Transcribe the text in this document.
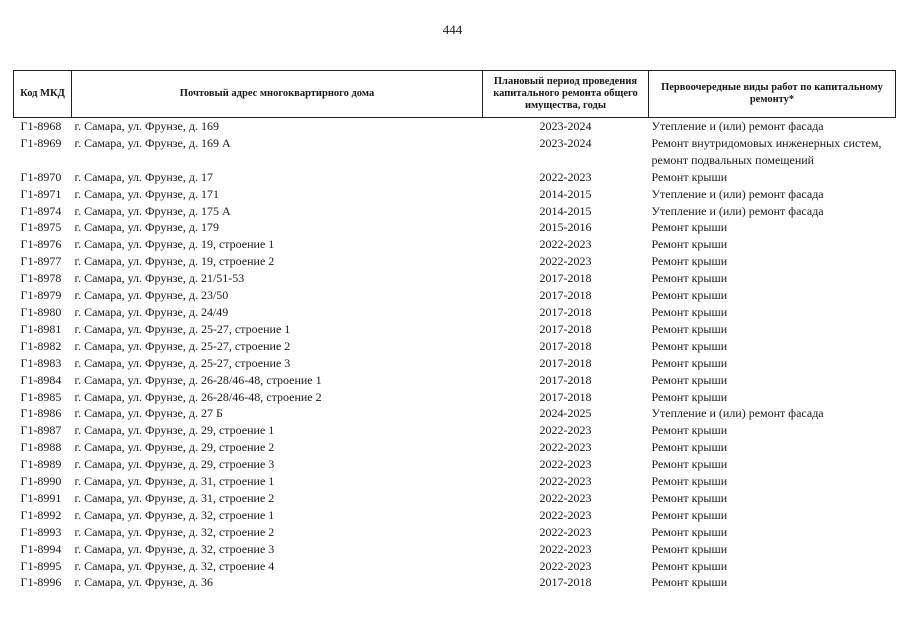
444
Код МКД	Почтовый адрес многоквартирного дома	Плановый период проведения капитального ремонта общего имущества, годы	Первоочередные виды работ по капитальному ремонту*
Г1-8968	г. Самара, ул. Фрунзе, д. 169	2023-2024	Утепление и (или) ремонт фасада
Г1-8969	г. Самара, ул. Фрунзе, д. 169 А	2023-2024	Ремонт внутридомовых инженерных систем, ремонт подвальных помещений
Г1-8970	г. Самара, ул. Фрунзе, д. 17	2022-2023	Ремонт крыши
Г1-8971	г. Самара, ул. Фрунзе, д. 171	2014-2015	Утепление и (или) ремонт фасада
Г1-8974	г. Самара, ул. Фрунзе, д. 175 А	2014-2015	Утепление и (или) ремонт фасада
Г1-8975	г. Самара, ул. Фрунзе, д. 179	2015-2016	Ремонт крыши
Г1-8976	г. Самара, ул. Фрунзе, д. 19, строение 1	2022-2023	Ремонт крыши
Г1-8977	г. Самара, ул. Фрунзе, д. 19, строение 2	2022-2023	Ремонт крыши
Г1-8978	г. Самара, ул. Фрунзе, д. 21/51-53	2017-2018	Ремонт крыши
Г1-8979	г. Самара, ул. Фрунзе, д. 23/50	2017-2018	Ремонт крыши
Г1-8980	г. Самара, ул. Фрунзе, д. 24/49	2017-2018	Ремонт крыши
Г1-8981	г. Самара, ул. Фрунзе, д. 25-27, строение 1	2017-2018	Ремонт крыши
Г1-8982	г. Самара, ул. Фрунзе, д. 25-27, строение 2	2017-2018	Ремонт крыши
Г1-8983	г. Самара, ул. Фрунзе, д. 25-27, строение 3	2017-2018	Ремонт крыши
Г1-8984	г. Самара, ул. Фрунзе, д. 26-28/46-48, строение 1	2017-2018	Ремонт крыши
Г1-8985	г. Самара, ул. Фрунзе, д. 26-28/46-48, строение 2	2017-2018	Ремонт крыши
Г1-8986	г. Самара, ул. Фрунзе, д. 27 Б	2024-2025	Утепление и (или) ремонт фасада
Г1-8987	г. Самара, ул. Фрунзе, д. 29, строение 1	2022-2023	Ремонт крыши
Г1-8988	г. Самара, ул. Фрунзе, д. 29, строение 2	2022-2023	Ремонт крыши
Г1-8989	г. Самара, ул. Фрунзе, д. 29, строение 3	2022-2023	Ремонт крыши
Г1-8990	г. Самара, ул. Фрунзе, д. 31, строение 1	2022-2023	Ремонт крыши
Г1-8991	г. Самара, ул. Фрунзе, д. 31, строение 2	2022-2023	Ремонт крыши
Г1-8992	г. Самара, ул. Фрунзе, д. 32, строение 1	2022-2023	Ремонт крыши
Г1-8993	г. Самара, ул. Фрунзе, д. 32, строение 2	2022-2023	Ремонт крыши
Г1-8994	г. Самара, ул. Фрунзе, д. 32, строение 3	2022-2023	Ремонт крыши
Г1-8995	г. Самара, ул. Фрунзе, д. 32, строение 4	2022-2023	Ремонт крыши
Г1-8996	г. Самара, ул. Фрунзе, д. 36	2017-2018	Ремонт крыши
